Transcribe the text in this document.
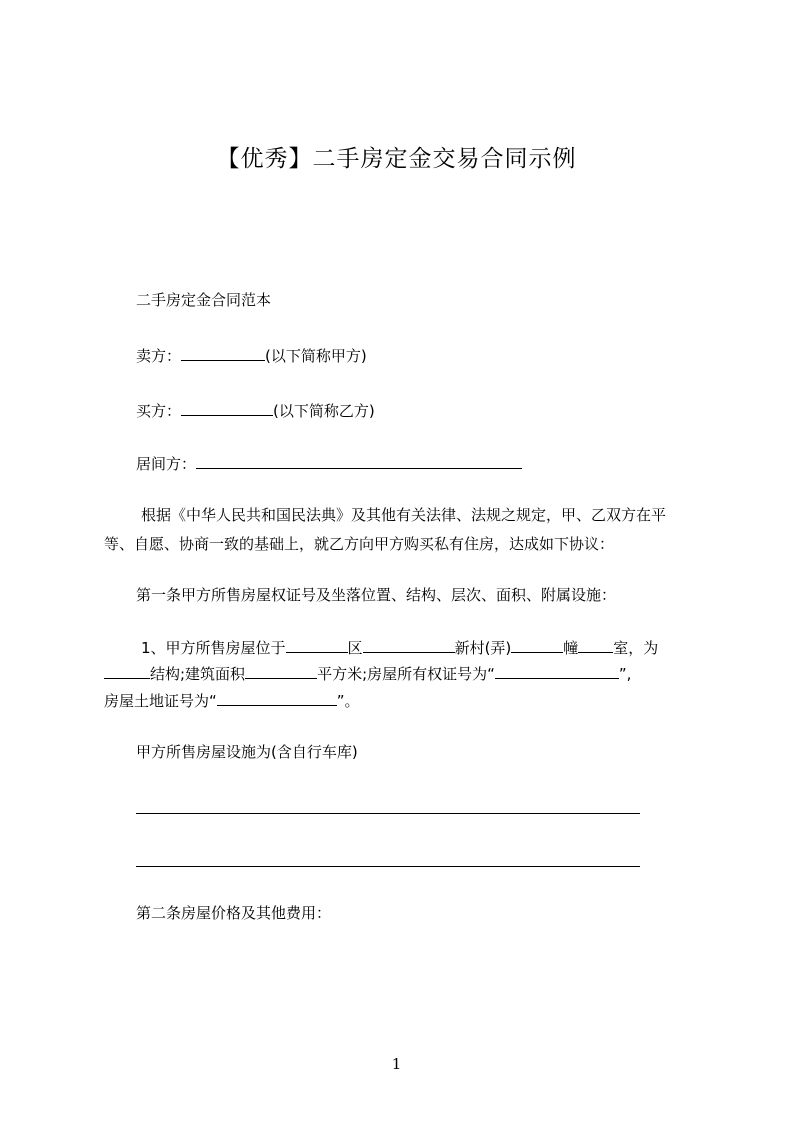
【优秀】二手房定金交易合同示例
二手房定金合同范本
卖方：	(以下简称甲方)
买方：	(以下简称乙方)
居间方：
根据《中华人民共和国民法典》及其他有关法律、法规之规定，甲、乙双方在平
等、自愿、协商一致的基础上，就乙方向甲方购买私有住房，达成如下协议：
第一条甲方所售房屋权证号及坐落位置、结构、层次、面积、附属设施：
1、甲方所售房屋位于	区	新村(弄)	幢 室，为
结构;建筑面积	平方米;房屋所有权证号为“	”,
房屋土地证号为“	”。
甲方所售房屋设施为(含自行车库)
第二条房屋价格及其他费用：
1
